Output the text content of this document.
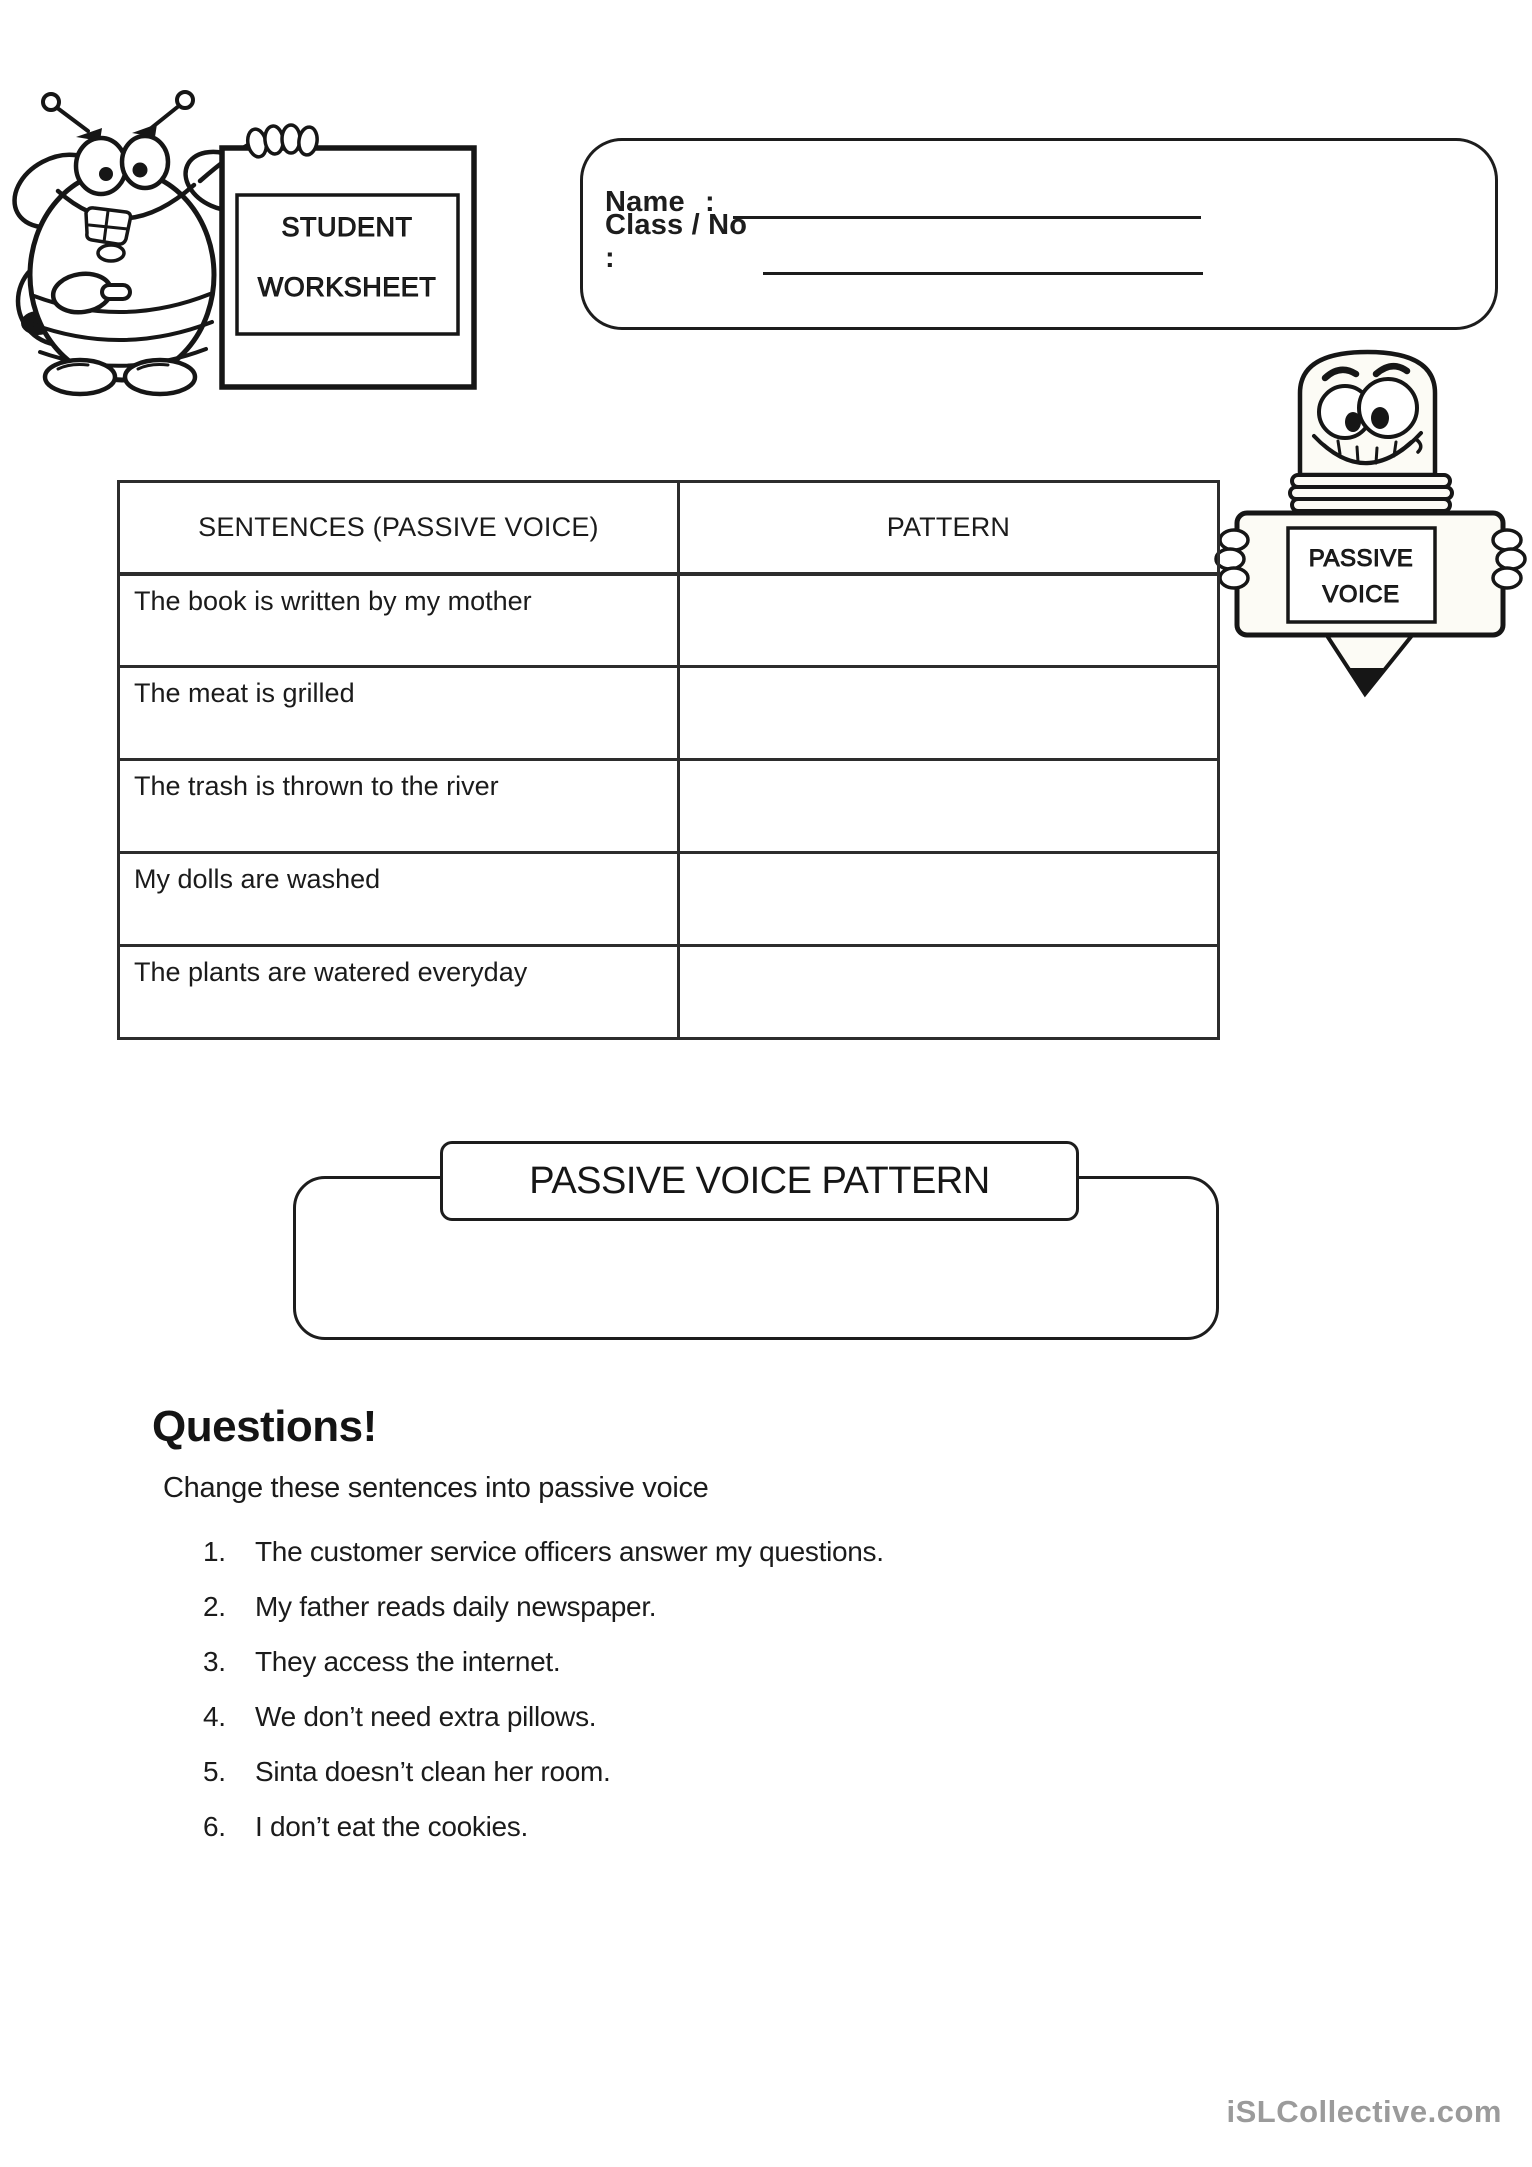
STUDENT
WORKSHEET
Name :
Class / No :
PASSIVE
VOICE
SENTENCES (PASSIVE VOICE)	PATTERN
The book is written by my mother	
The meat is grilled	
The trash is thrown to the river	
My dolls are washed	
The plants are watered everyday	
PASSIVE VOICE PATTERN
Questions!
Change these sentences into passive voice
1.	The customer service officers answer my questions.
2.	My father reads daily newspaper.
3.	They access the internet.
4.	We don’t need extra pillows.
5.	Sinta doesn’t clean her room.
6.	I don’t eat the cookies.
iSLCollective.com
